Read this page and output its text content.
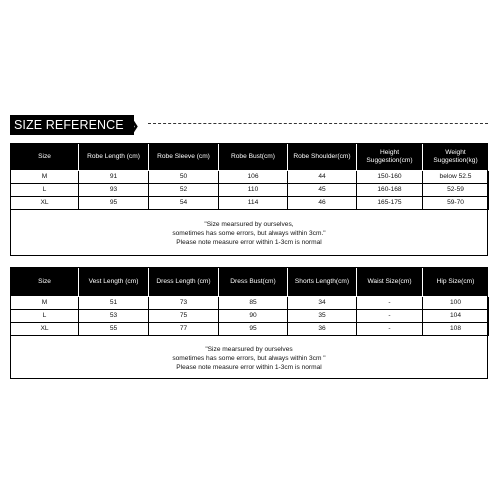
SIZE REFERENCE ❯
Size	Robe Length (cm)	Robe Sleeve (cm)	Robe Bust(cm)	Robe Shoulder(cm)	Height Suggestion(cm)	Weight Suggestion(kg)
M	91	50	106	44	150-160	below 52.5
L	93	52	110	45	160-168	52-59
XL	95	54	114	46	165-175	59-70
"Size mearsured by ourselves,
sometimes has some errors, but always within 3cm."
Please note measure error within 1-3cm is normal
Size	Vest Length (cm)	Dress Length (cm)	Dress Bust(cm)	Shorts Length(cm)	Waist Size(cm)	Hip Size(cm)
M	51	73	85	34	-	100
L	53	75	90	35	-	104
XL	55	77	95	36	-	108
"Size mearsured by ourselves
sometimes has some errors, but always within 3cm "
Please note measure error within 1-3cm is normal
